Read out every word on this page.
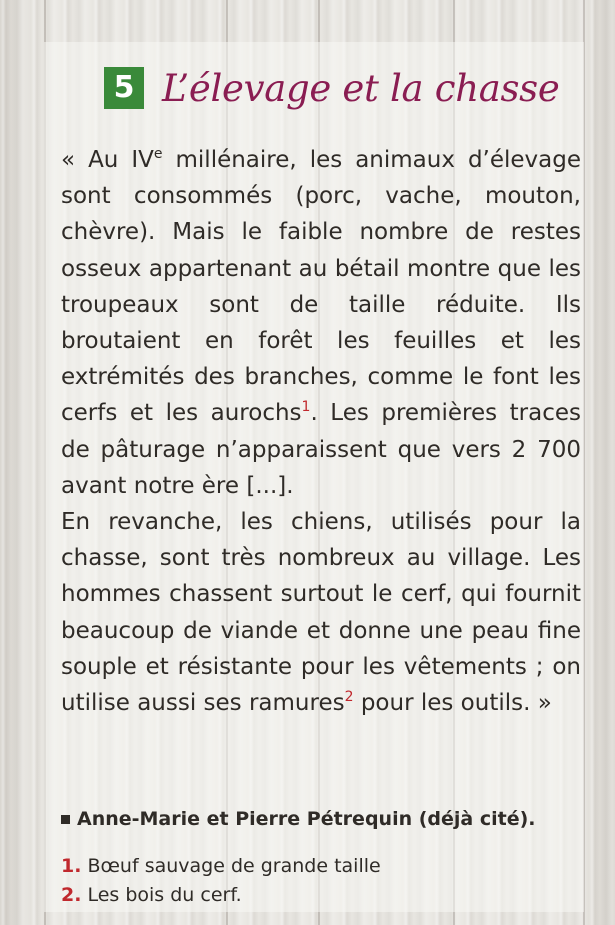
5 L’élevage et la chasse

« Au IVe millénaire, les animaux d’élevage sont consommés (porc, vache, mouton, chèvre). Mais le faible nombre de restes osseux appartenant au bétail montre que les troupeaux sont de taille réduite. Ils broutaient en forêt les feuilles et les extrémités des branches, comme le font les cerfs et les aurochs$^1$. Les premières traces de pâturage n’apparaissent que vers 2 700 avant notre ère [...].

En revanche, les chiens, utilisés pour la chasse, sont très nombreux au village. Les hommes chassent surtout le cerf, qui fournit beaucoup de viande et donne une peau fine souple et résistante pour les vêtements ; on utilise aussi ses ramures$^2$ pour les outils. »

Anne-Marie et Pierre Pétrequin (déjà cité).
1. Bœuf sauvage de grande taille
2. Les bois du cerf.
